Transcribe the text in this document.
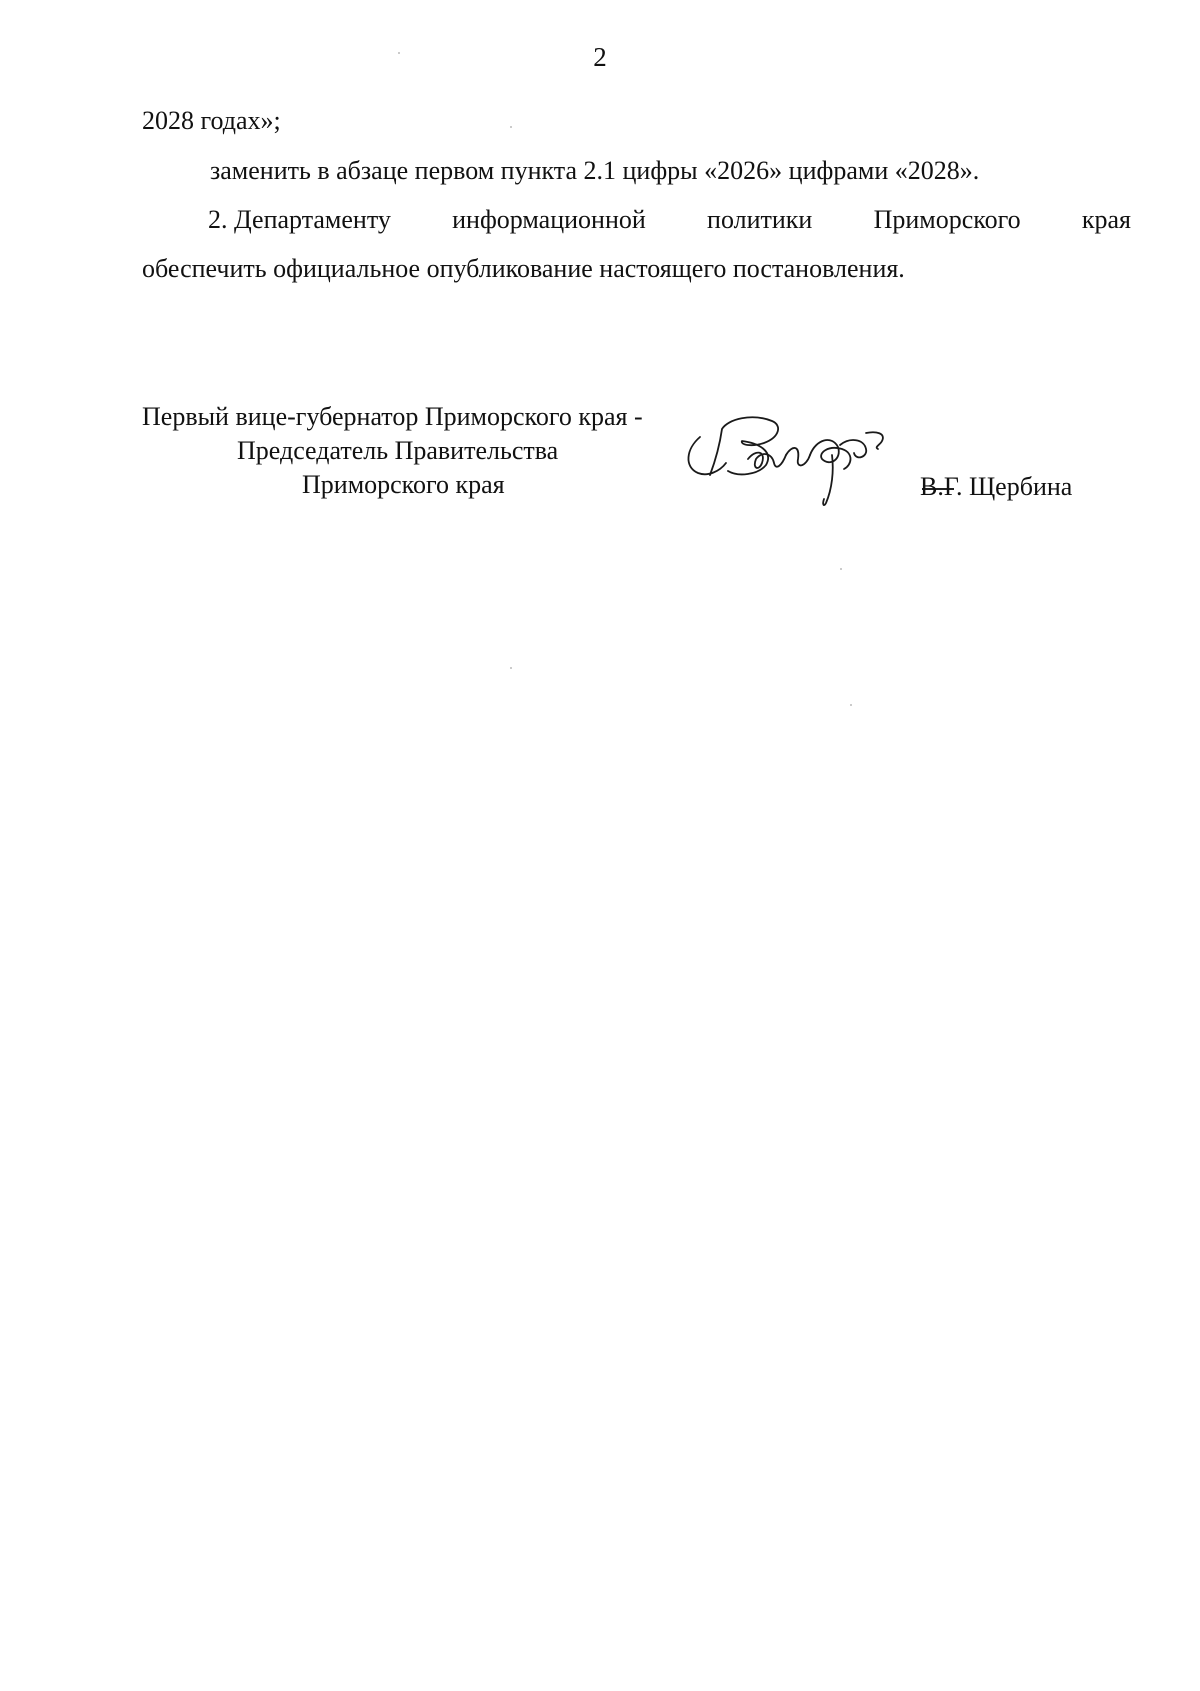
2
2028 годах»;
заменить в абзаце первом пункта 2.1 цифры «2026» цифрами «2028».
2. Департаменту информационной политики Приморского края
обеспечить официальное опубликование настоящего постановления.
Первый вице-губернатор Приморского края -
Председатель Правительства
Приморского края	В.Г. Щербина
